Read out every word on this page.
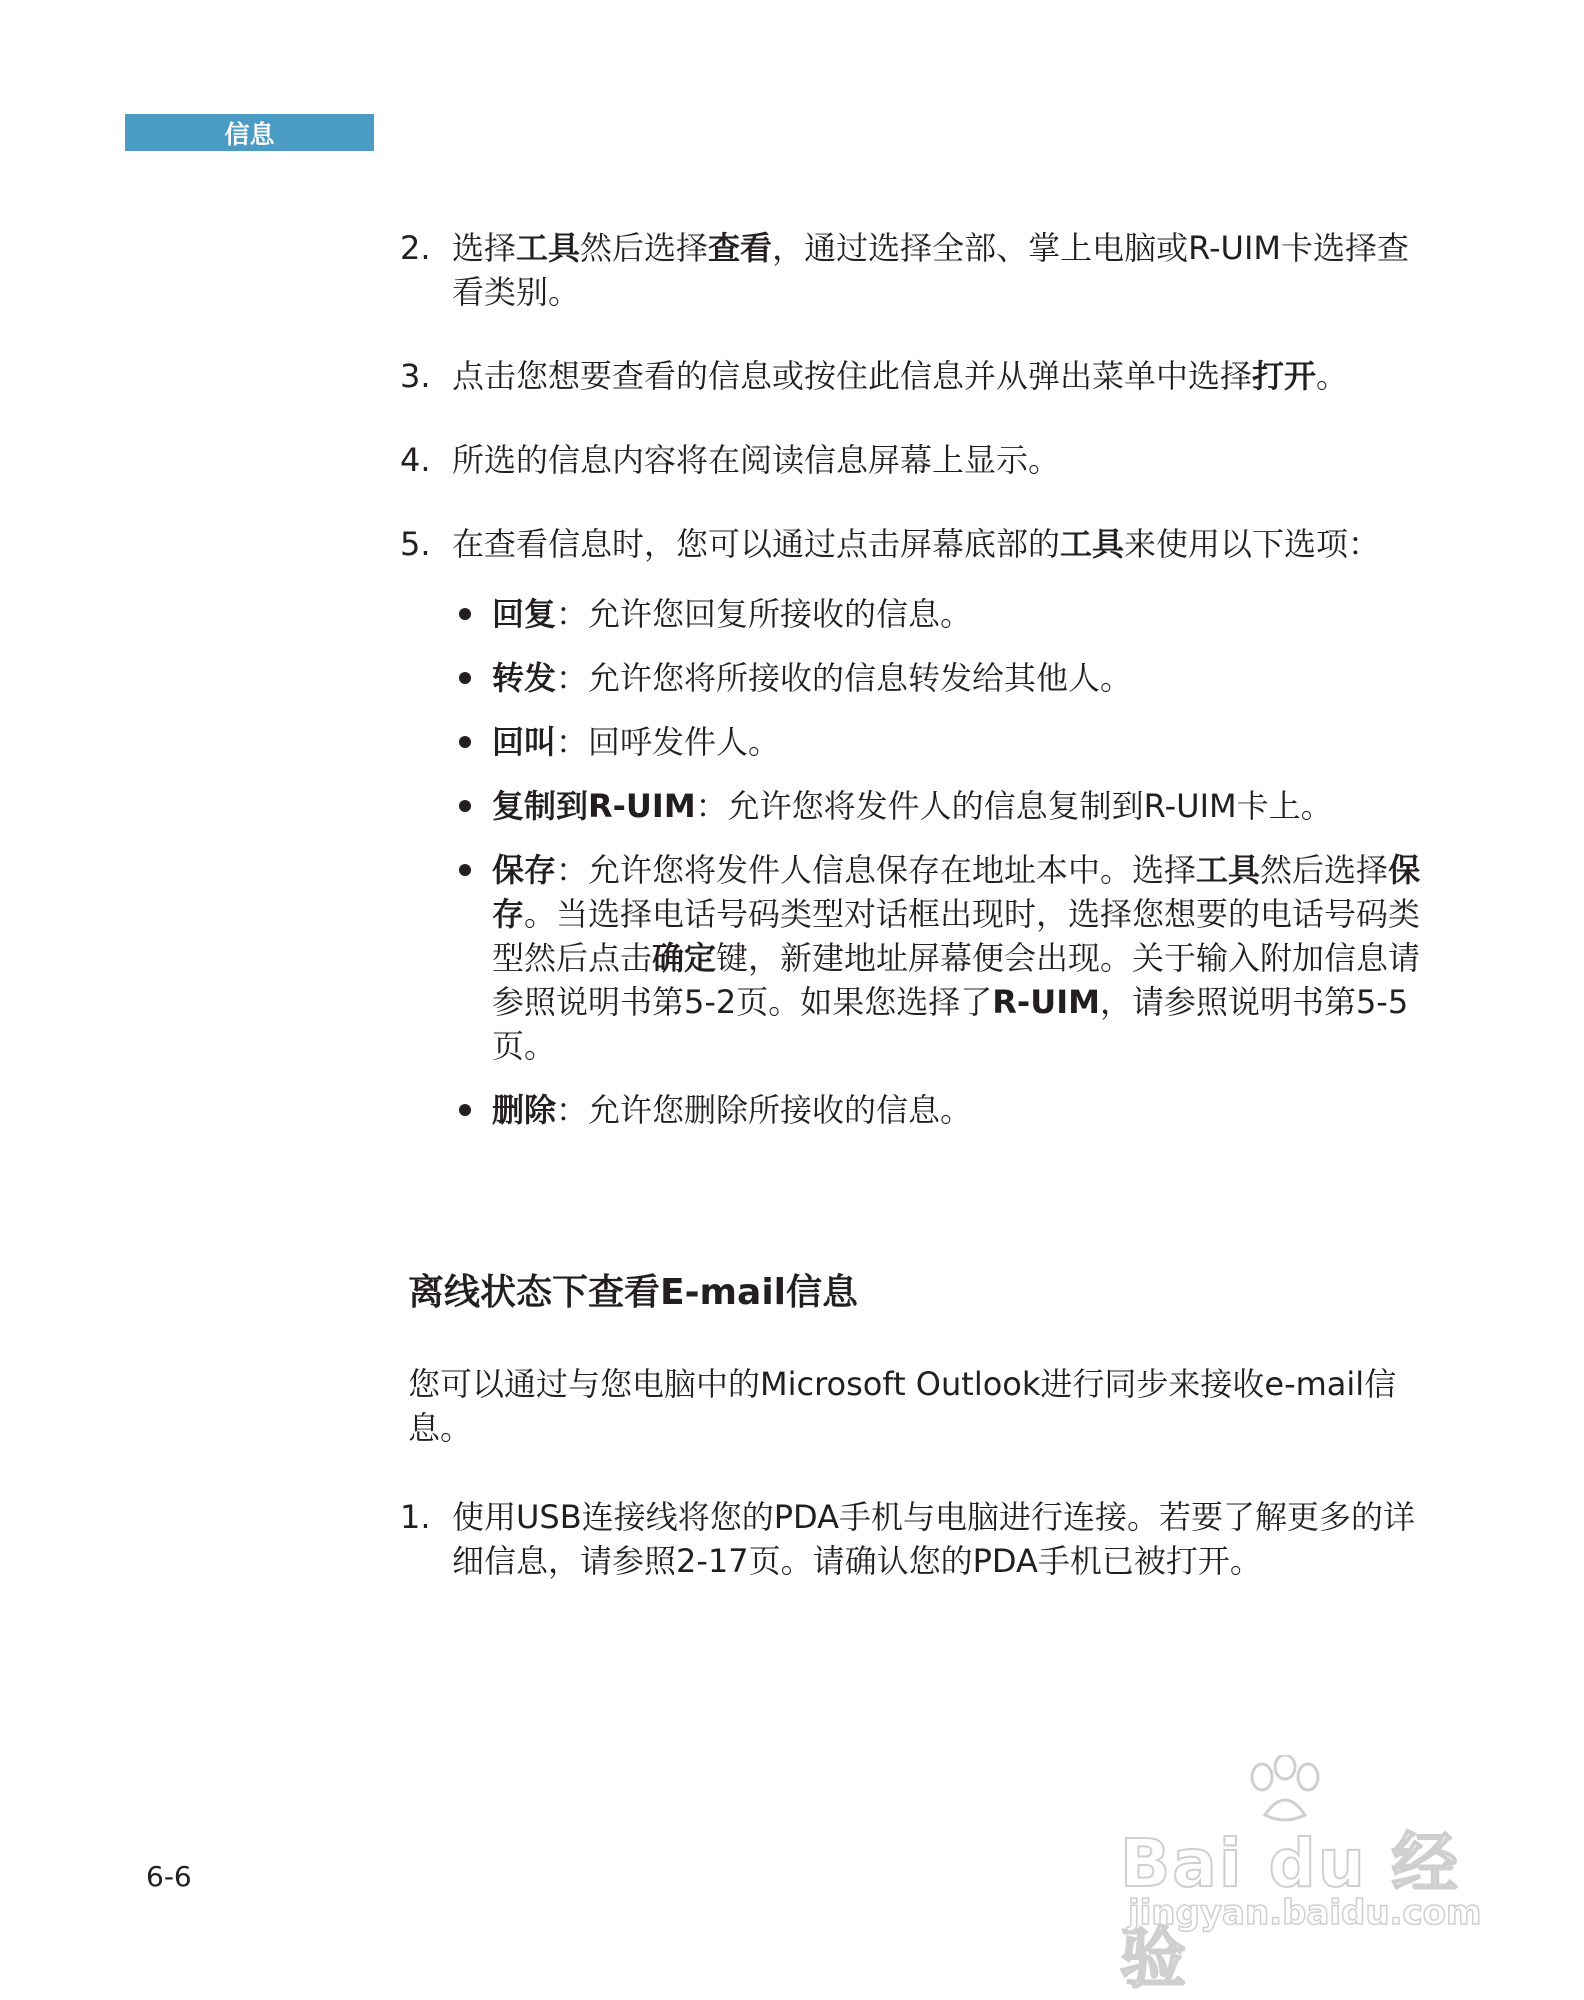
信息
2. 选择工具然后选择查看，通过选择全部、掌上电脑或R-UIM卡选择查看类别。
3. 点击您想要查看的信息或按住此信息并从弹出菜单中选择打开。
4. 所选的信息内容将在阅读信息屏幕上显示。
5. 在查看信息时，您可以通过点击屏幕底部的工具来使用以下选项：
回复：允许您回复所接收的信息。
转发：允许您将所接收的信息转发给其他人。
回叫：回呼发件人。
复制到R-UIM：允许您将发件人的信息复制到R-UIM卡上。
保存：允许您将发件人信息保存在地址本中。选择工具然后选择保存。当选择电话号码类型对话框出现时，选择您想要的电话号码类型然后点击确定键，新建地址屏幕便会出现。关于输入附加信息请参照说明书第5-2页。如果您选择了R-UIM，请参照说明书第5-5页。
删除：允许您删除所接收的信息。
离线状态下查看E-mail信息
您可以通过与您电脑中的Microsoft Outlook进行同步来接收e-mail信息。
1. 使用USB连接线将您的PDA手机与电脑进行连接。若要了解更多的详细信息，请参照2-17页。请确认您的PDA手机已被打开。
6-6	Bai du 经验
jingyan.baidu.com
